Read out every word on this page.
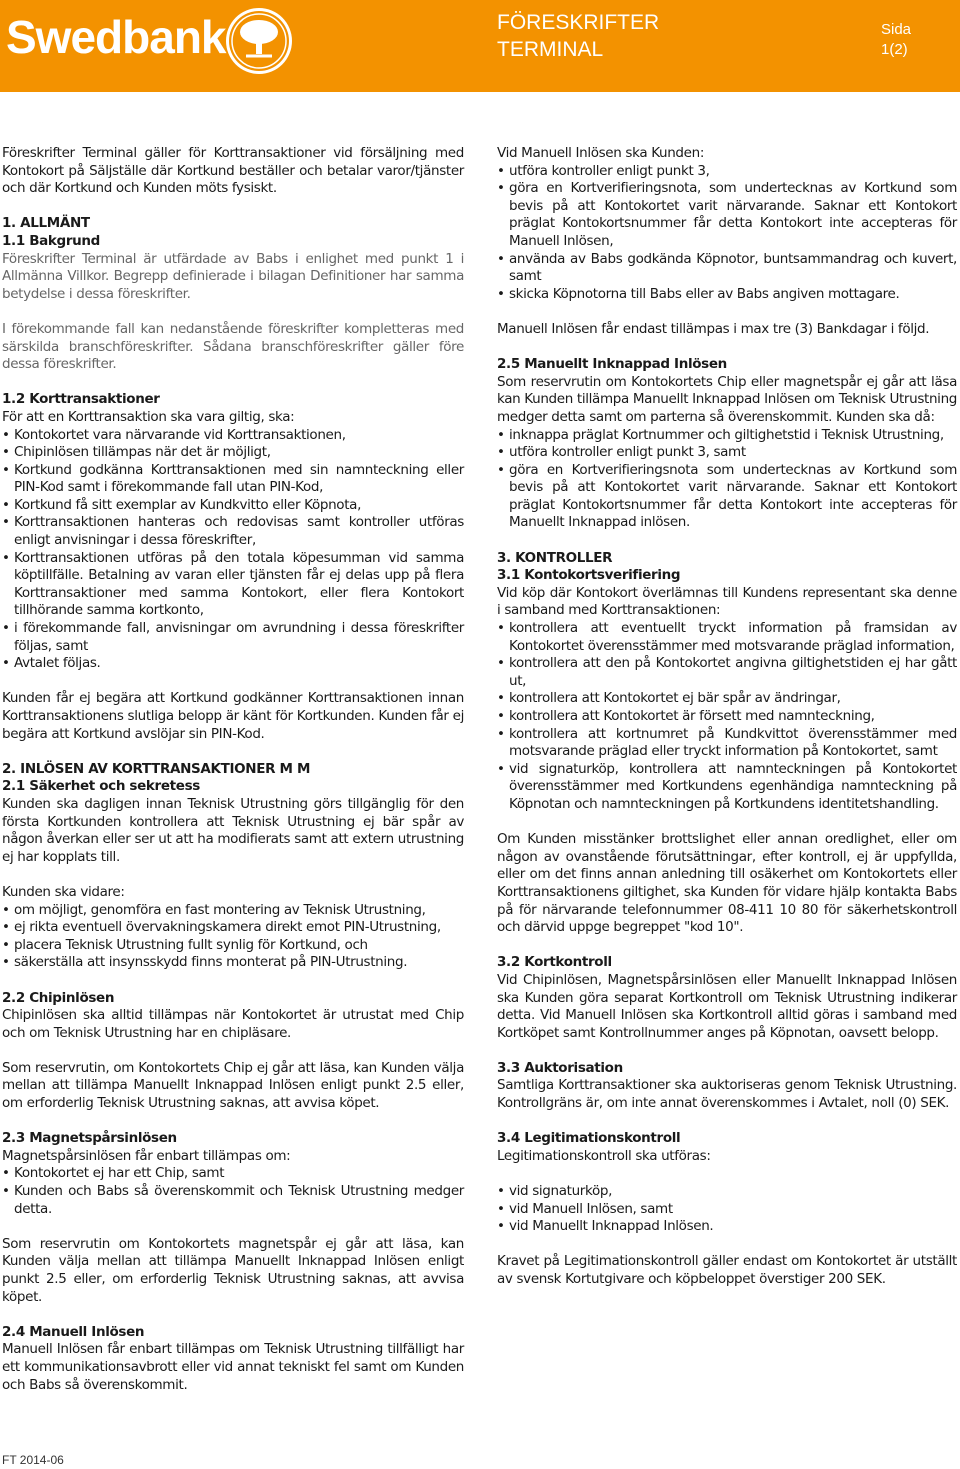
Swedbank	FÖRESKRIFTER
TERMINAL
Sida
1(2)

Föreskrifter Terminal gäller för Korttransaktioner vid försäljning med Kontokort på Säljställe där Kortkund beställer och betalar varor/tjänster och där Kortkund och Kunden möts fysiskt.

1. ALLMÄNT
1.1 Bakgrund

Föreskrifter Terminal är utfärdade av Babs i enlighet med punkt 1 i Allmänna Villkor. Begrepp definierade i bilagan Definitioner har samma betydelse i dessa föreskrifter.

I förekommande fall kan nedanstående föreskrifter kompletteras med särskilda branschföreskrifter. Sådana branschföreskrifter gäller före dessa föreskrifter.

1.2 Korttransaktioner

För att en Korttransaktion ska vara giltig, ska:

• Kontokortet vara närvarande vid Korttransaktionen,
• Chipinlösen tillämpas när det är möjligt,
• Kortkund godkänna Korttransaktionen med sin namnteckning eller PIN-Kod samt i förekommande fall utan PIN-Kod,
• Kortkund få sitt exemplar av Kundkvitto eller Köpnota,
• Korttransaktionen hanteras och redovisas samt kontroller utföras enligt anvisningar i dessa föreskrifter,
• Korttransaktionen utföras på den totala köpesumman vid samma köptillfälle. Betalning av varan eller tjänsten får ej delas upp på flera Korttransaktioner med samma Kontokort, eller flera Kontokort tillhörande samma kortkonto,
• i förekommande fall, anvisningar om avrundning i dessa föreskrifter följas, samt
• Avtalet följas.

Kunden får ej begära att Kortkund godkänner Korttransaktionen innan Korttransaktionens slutliga belopp är känt för Kortkunden. Kunden får ej begära att Kortkund avslöjar sin PIN-Kod.

2. INLÖSEN AV KORTTRANSAKTIONER M M
2.1 Säkerhet och sekretess

Kunden ska dagligen innan Teknisk Utrustning görs tillgänglig för den första Kortkunden kontrollera att Teknisk Utrustning ej bär spår av någon åverkan eller ser ut att ha modifierats samt att extern utrustning ej har kopplats till.

Kunden ska vidare:

• om möjligt, genomföra en fast montering av Teknisk Utrustning,
• ej rikta eventuell övervakningskamera direkt emot PIN-Utrustning,
• placera Teknisk Utrustning fullt synlig för Kortkund, och
• säkerställa att insynsskydd finns monterat på PIN-Utrustning.
2.2 Chipinlösen

Chipinlösen ska alltid tillämpas när Kontokortet är utrustat med Chip och om Teknisk Utrustning har en chipläsare.

Som reservrutin, om Kontokortets Chip ej går att läsa, kan Kunden välja mellan att tillämpa Manuellt Inknappad Inlösen enligt punkt 2.5 eller, om erforderlig Teknisk Utrustning saknas, att avvisa köpet.

2.3 Magnetspårsinlösen

Magnetspårsinlösen får enbart tillämpas om:

• Kontokortet ej har ett Chip, samt
• Kunden och Babs så överenskommit och Teknisk Utrustning medger detta.

Som reservrutin om Kontokortets magnetspår ej går att läsa, kan Kunden välja mellan att tillämpa Manuellt Inknappad Inlösen enligt punkt 2.5 eller, om erforderlig Teknisk Utrustning saknas, att avvisa köpet.

2.4 Manuell Inlösen

Manuell Inlösen får enbart tillämpas om Teknisk Utrustning tillfälligt har ett kommunikationsavbrott eller vid annat tekniskt fel samt om Kunden och Babs så överenskommit.

Vid Manuell Inlösen ska Kunden:

• utföra kontroller enligt punkt 3,
• göra en Kortverifieringsnota, som undertecknas av Kortkund som bevis på att Kontokortet varit närvarande. Saknar ett Kontokort präglat Kontokortsnummer får detta Kontokort inte accepteras för Manuell Inlösen,
• använda av Babs godkända Köpnotor, buntsammandrag och kuvert, samt
• skicka Köpnotorna till Babs eller av Babs angiven mottagare.

Manuell Inlösen får endast tillämpas i max tre (3) Bankdagar i följd.

2.5 Manuellt Inknappad Inlösen

Som reservrutin om Kontokortets Chip eller magnetspår ej går att läsa kan Kunden tillämpa Manuellt Inknappad Inlösen om Teknisk Utrustning medger detta samt om parterna så överenskommit. Kunden ska då:

• inknappa präglat Kortnummer och giltighetstid i Teknisk Utrustning,
• utföra kontroller enligt punkt 3, samt
• göra en Kortverifieringsnota som undertecknas av Kortkund som bevis på att Kontokortet varit närvarande. Saknar ett Kontokort präglat Kontokortsnummer får detta Kontokort inte accepteras för Manuellt Inknappad inlösen.
3. KONTROLLER
3.1 Kontokortsverifiering

Vid köp där Kontokort överlämnas till Kundens representant ska denne i samband med Korttransaktionen:

• kontrollera att eventuellt tryckt information på framsidan av Kontokortet överensstämmer med motsvarande präglad information,
• kontrollera att den på Kontokortet angivna giltighetstiden ej har gått ut,
• kontrollera att Kontokortet ej bär spår av ändringar,
• kontrollera att Kontokortet är försett med namnteckning,
• kontrollera att kortnumret på Kundkvittot överensstämmer med motsvarande präglad eller tryckt information på Kontokortet, samt
• vid signaturköp, kontrollera att namnteckningen på Kontokortet överensstämmer med Kortkundens egenhändiga namnteckning på Köpnotan och namnteckningen på Kortkundens identitetshandling.

Om Kunden misstänker brottslighet eller annan oredlighet, eller om någon av ovanstående förutsättningar, efter kontroll, ej är uppfyllda, eller om det finns annan anledning till osäkerhet om Kontokortets eller Korttransaktionens giltighet, ska Kunden för vidare hjälp kontakta Babs på för närvarande telefonnummer 08-411 10 80 för säkerhetskontroll och därvid uppge begreppet "kod 10".

3.2 Kortkontroll

Vid Chipinlösen, Magnetspårsinlösen eller Manuellt Inknappad Inlösen ska Kunden göra separat Kortkontroll om Teknisk Utrustning indikerar detta. Vid Manuell Inlösen ska Kortkontroll alltid göras i samband med Kortköpet samt Kontrollnummer anges på Köpnotan, oavsett belopp.

3.3 Auktorisation

Samtliga Korttransaktioner ska auktoriseras genom Teknisk Utrustning. Kontrollgräns är, om inte annat överenskommes i Avtalet, noll (0) SEK.

3.4 Legitimationskontroll

Legitimationskontroll ska utföras:

• vid signaturköp,
• vid Manuell Inlösen, samt
• vid Manuellt Inknappad Inlösen.

Kravet på Legitimationskontroll gäller endast om Kontokortet är utställt av svensk Kortutgivare och köpbeloppet överstiger 200 SEK.

FT 2014-06
